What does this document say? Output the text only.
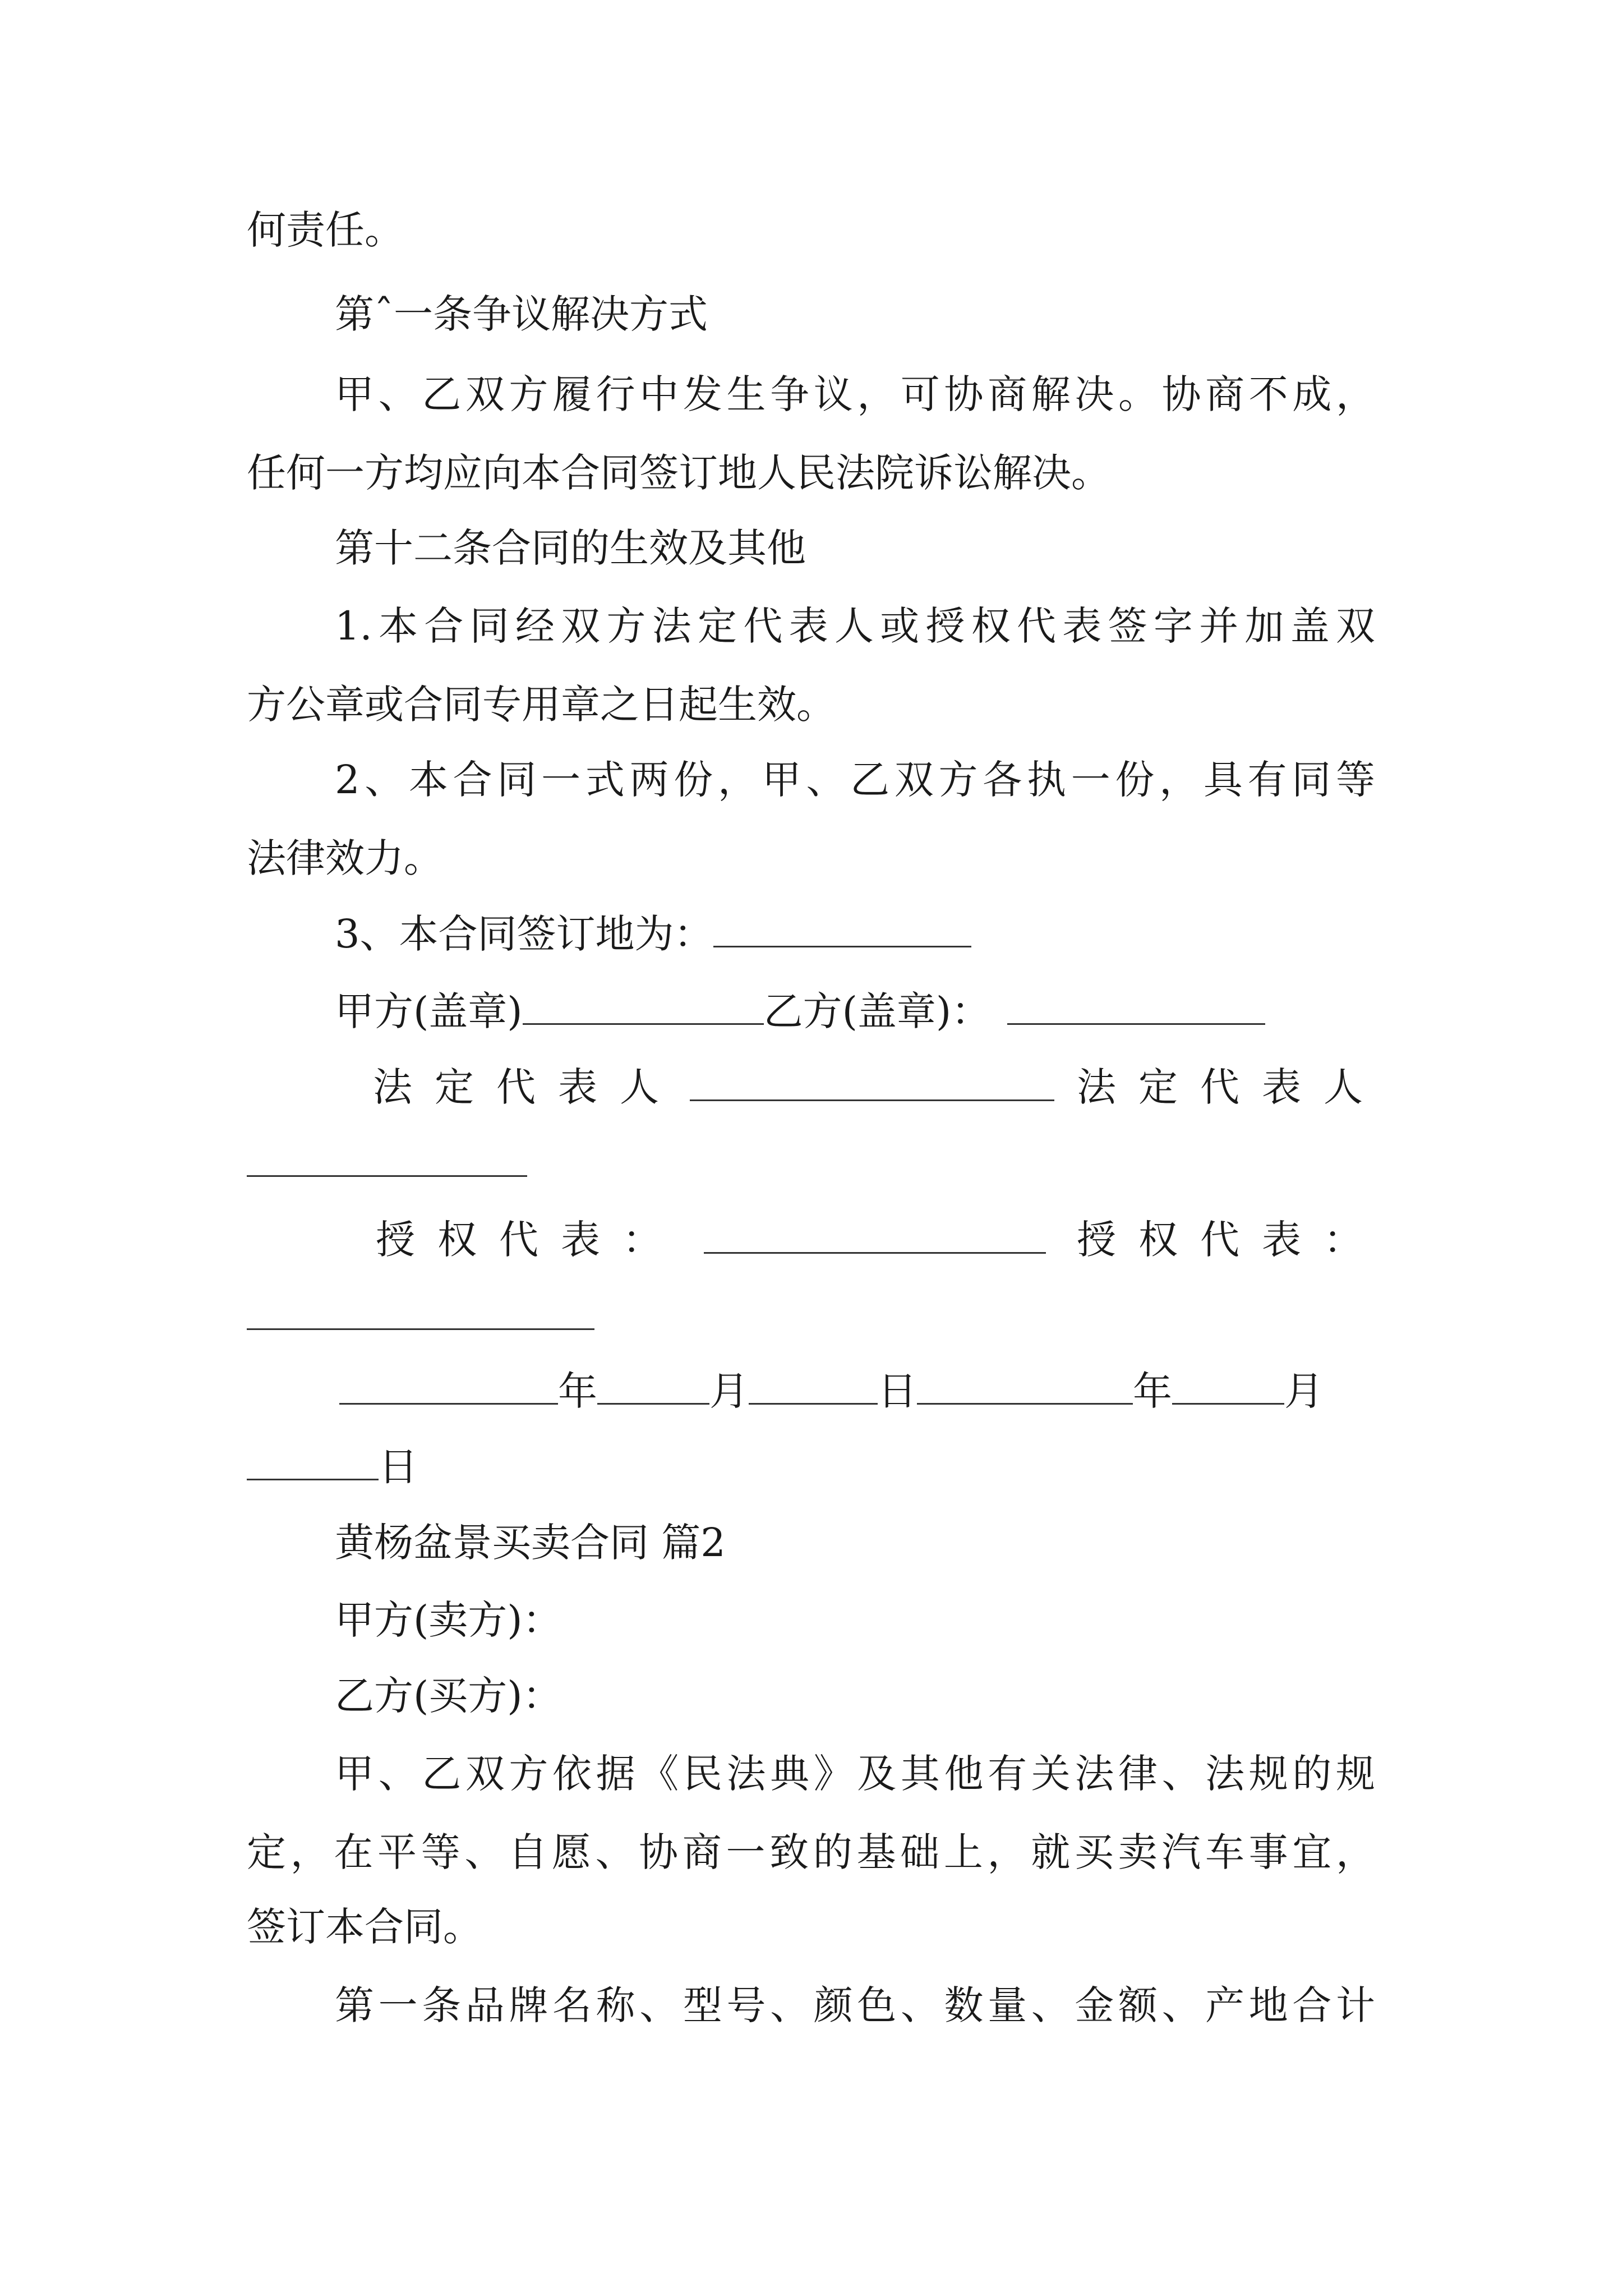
何责任。
第ˆ一条争议解决方式
甲、乙双方履行中发生争议，可协商解决。协商不成，
任何一方均应向本合同签订地人民法院诉讼解决。
第十二条合同的生效及其他
1.本合同经双方法定代表人或授权代表签字并加盖双
方公章或合同专用章之日起生效。
2、本合同一式两份，甲、乙双方各执一份，具有同等
法律效力。
3、本合同签订地为：
甲方(盖章)	乙方(盖章)：
法定代表人	法定代表人
授权代表：	授权代表：
年	月	日	年	月
日
黄杨盆景买卖合同 篇2
甲方(卖方)：
乙方(买方)：
甲、乙双方依据《民法典》及其他有关法律、法规的规
定，在平等、自愿、协商一致的基础上，就买卖汽车事宜，
签订本合同。
第一条品牌名称、型号、颜色、数量、金额、产地合计
